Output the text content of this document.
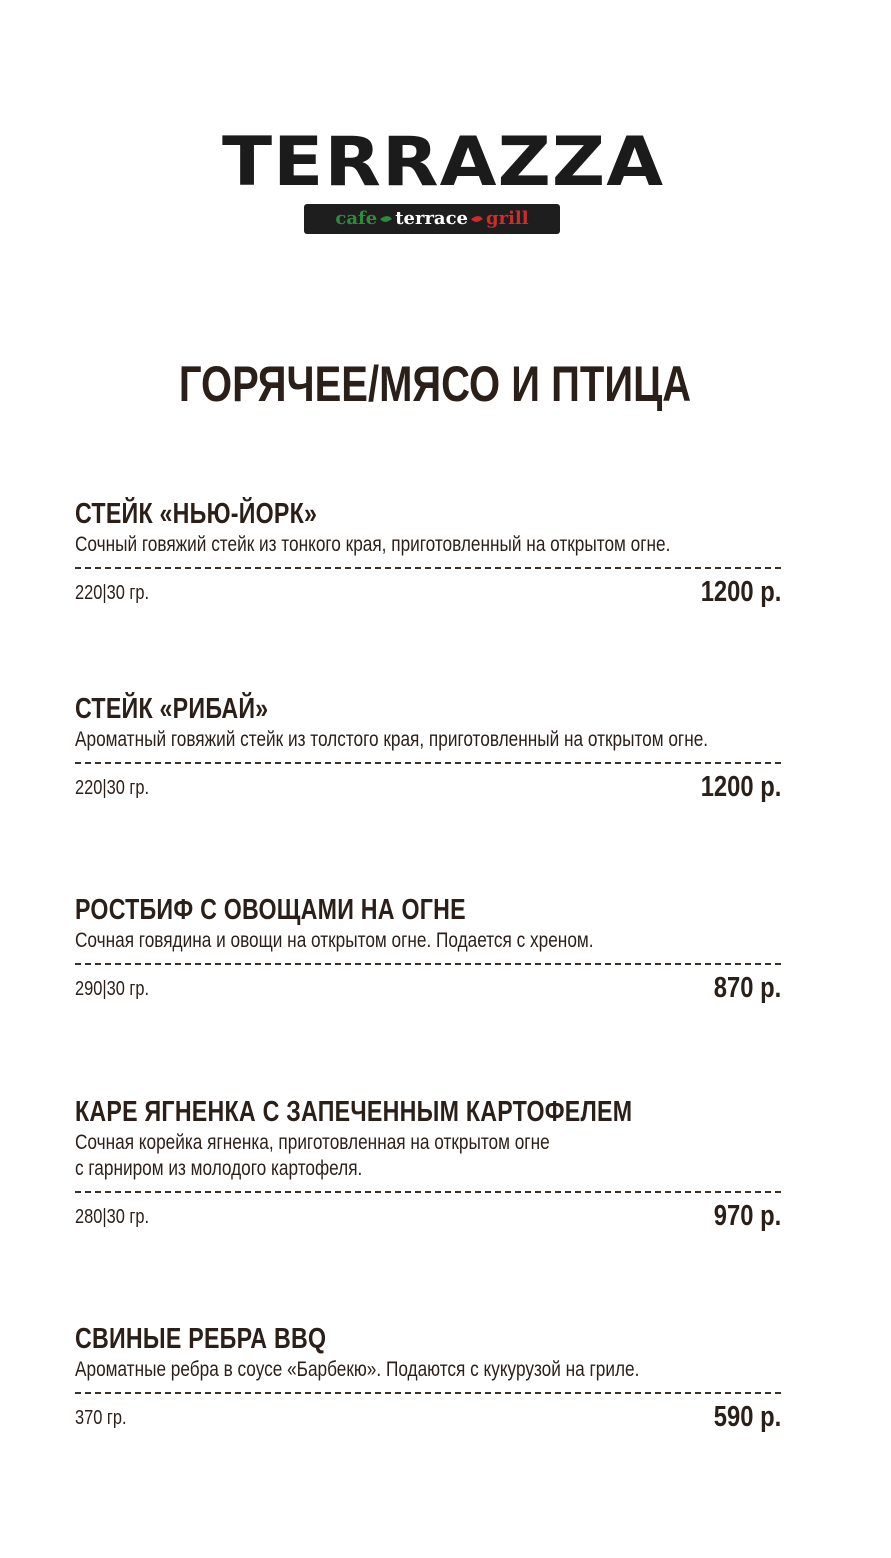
TERRAZZA
cafe terrace grill
ГОРЯЧЕЕ/МЯСО И ПТИЦА
СТЕЙК «НЬЮ-ЙОРК»
Сочный говяжий стейк из тонкого края, приготовленный на открытом огне.
220|30 гр.	1200 р.
СТЕЙК «РИБАЙ»
Ароматный говяжий стейк из толстого края, приготовленный на открытом огне.
220|30 гр.	1200 р.
РОСТБИФ С ОВОЩАМИ НА ОГНЕ
Сочная говядина и овощи на открытом огне. Подается с хреном.
290|30 гр.	870 р.
КАРЕ ЯГНЕНКА С ЗАПЕЧЕННЫМ КАРТОФЕЛЕМ
Сочная корейка ягненка, приготовленная на открытом огне
с гарниром из молодого картофеля.
280|30 гр.	970 р.
СВИНЫЕ РЕБРА BBQ
Ароматные ребра в соусе «Барбекю». Подаются с кукурузой на гриле.
370 гр.	590 р.
